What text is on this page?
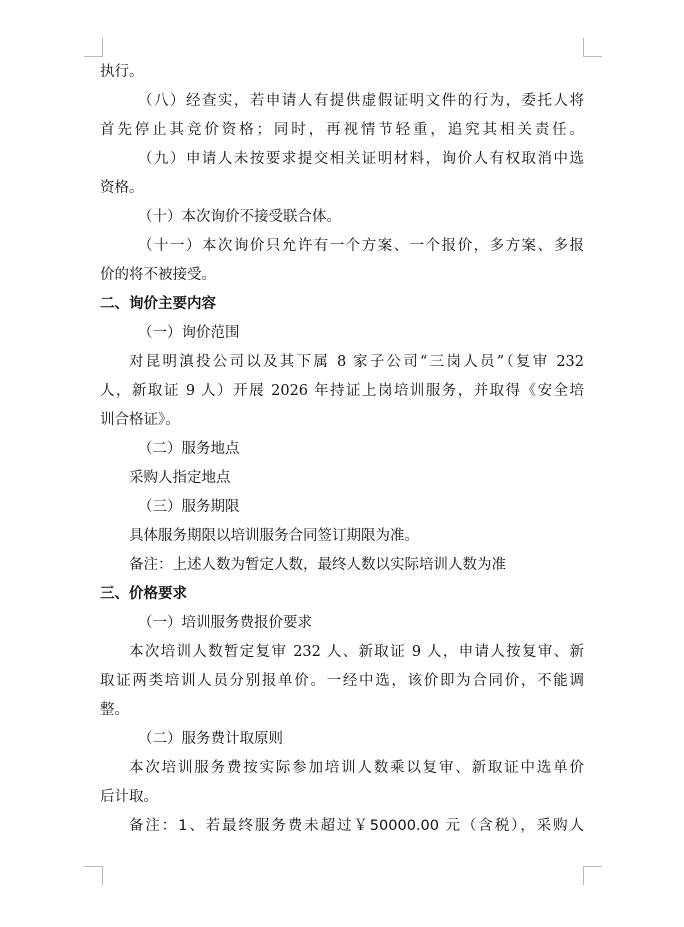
执行。
（八）经查实，若申请人有提供虚假证明文件的行为，委托人将
首先停止其竞价资格；同时，再视情节轻重，追究其相关责任。
（九）申请人未按要求提交相关证明材料，询价人有权取消中选
资格。
（十）本次询价不接受联合体。
（十一）本次询价只允许有一个方案、一个报价，多方案、多报
价的将不被接受。
二、询价主要内容
（一）询价范围
对昆明滇投公司以及其下属 8 家子公司“三岗人员”（复审 232
人，新取证 9 人）开展 2026 年持证上岗培训服务，并取得《安全培
训合格证》。
（二）服务地点
采购人指定地点
（三）服务期限
具体服务期限以培训服务合同签订期限为准。
备注：上述人数为暂定人数，最终人数以实际培训人数为准
三、价格要求
（一）培训服务费报价要求
本次培训人数暂定复审 232 人、新取证 9 人，申请人按复审、新
取证两类培训人员分别报单价。一经中选，该价即为合同价，不能调
整。
（二）服务费计取原则
本次培训服务费按实际参加培训人数乘以复审、新取证中选单价
后计取。
备注：1、若最终服务费未超过￥50000.00 元（含税），采购人
